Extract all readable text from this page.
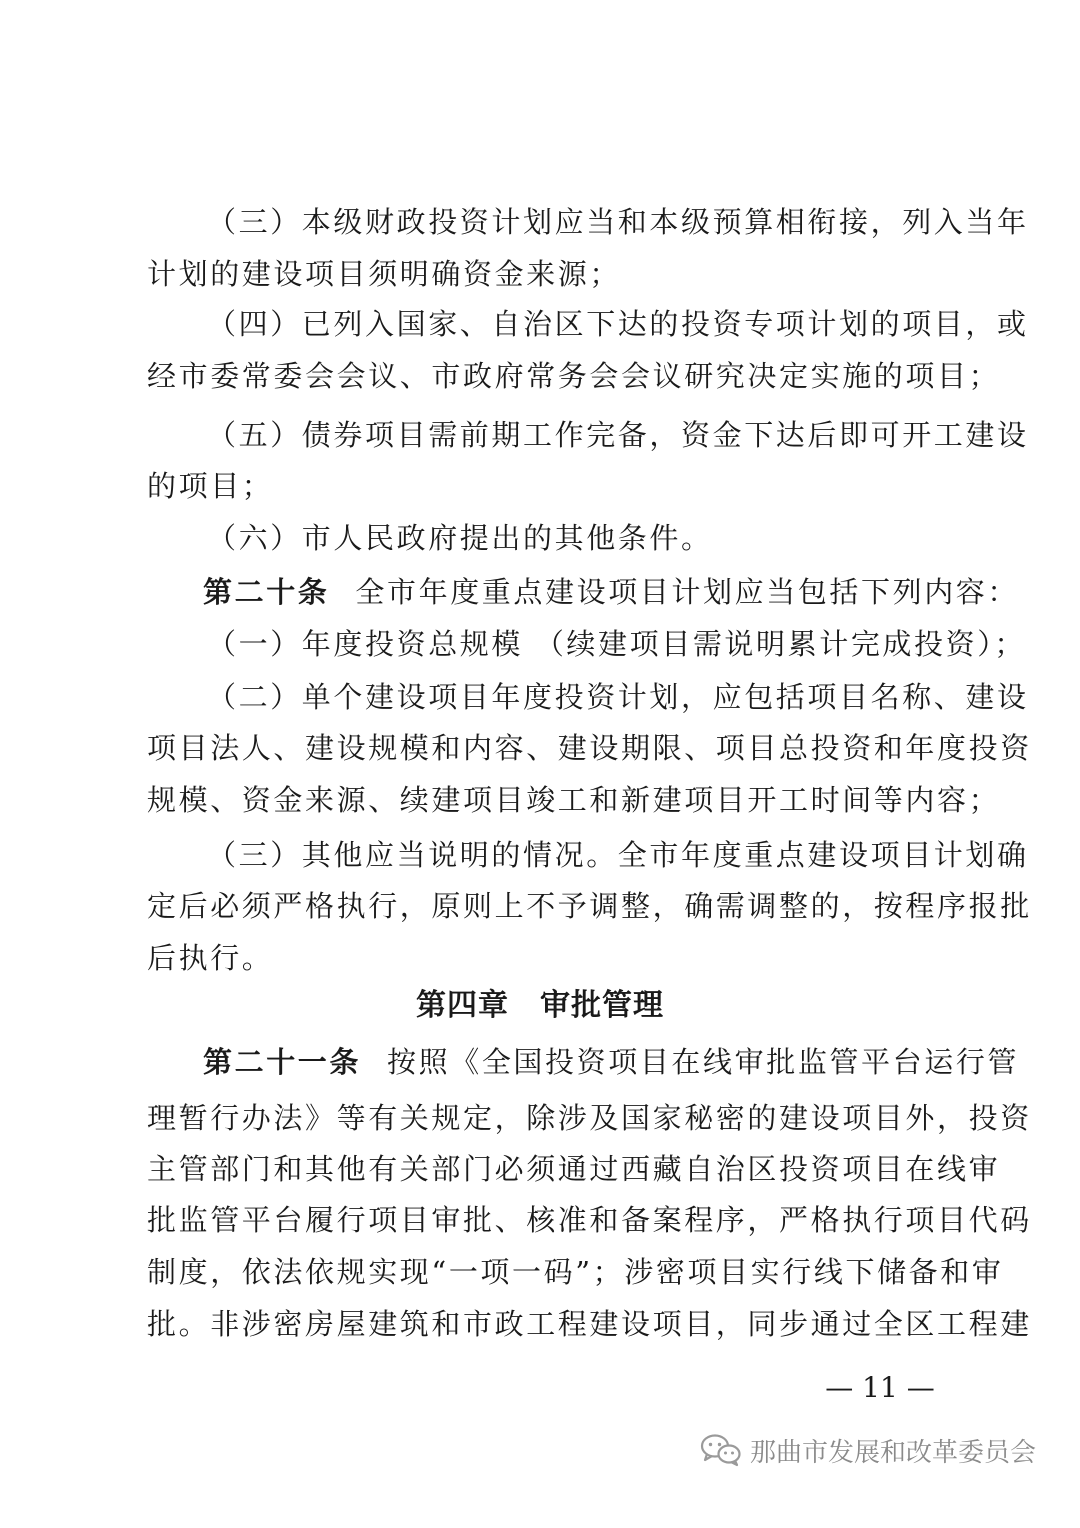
（三）本级财政投资计划应当和本级预算相衔接，列入当年
计划的建设项目须明确资金来源；
（四）已列入国家、自治区下达的投资专项计划的项目，或
经市委常委会会议、市政府常务会会议研究决定实施的项目；
（五）债券项目需前期工作完备，资金下达后即可开工建设
的项目；
（六）市人民政府提出的其他条件。
第二十条 全市年度重点建设项目计划应当包括下列内容：
（一）年度投资总规模 （续建项目需说明累计完成投资）；
（二）单个建设项目年度投资计划，应包括项目名称、建设
项目法人、建设规模和内容、建设期限、项目总投资和年度投资
规模、资金来源、续建项目竣工和新建项目开工时间等内容；
（三）其他应当说明的情况。全市年度重点建设项目计划确
定后必须严格执行，原则上不予调整，确需调整的，按程序报批
后执行。
第四章　审批管理
第二十一条 按照《全国投资项目在线审批监管平台运行管
理暂行办法》等有关规定，除涉及国家秘密的建设项目外，投资
主管部门和其他有关部门必须通过西藏自治区投资项目在线审
批监管平台履行项目审批、核准和备案程序，严格执行项目代码
制度，依法依规实现“一项一码”；涉密项目实行线下储备和审
批。非涉密房屋建筑和市政工程建设项目，同步通过全区工程建
— 11 —
那曲市发展和改革委员会
